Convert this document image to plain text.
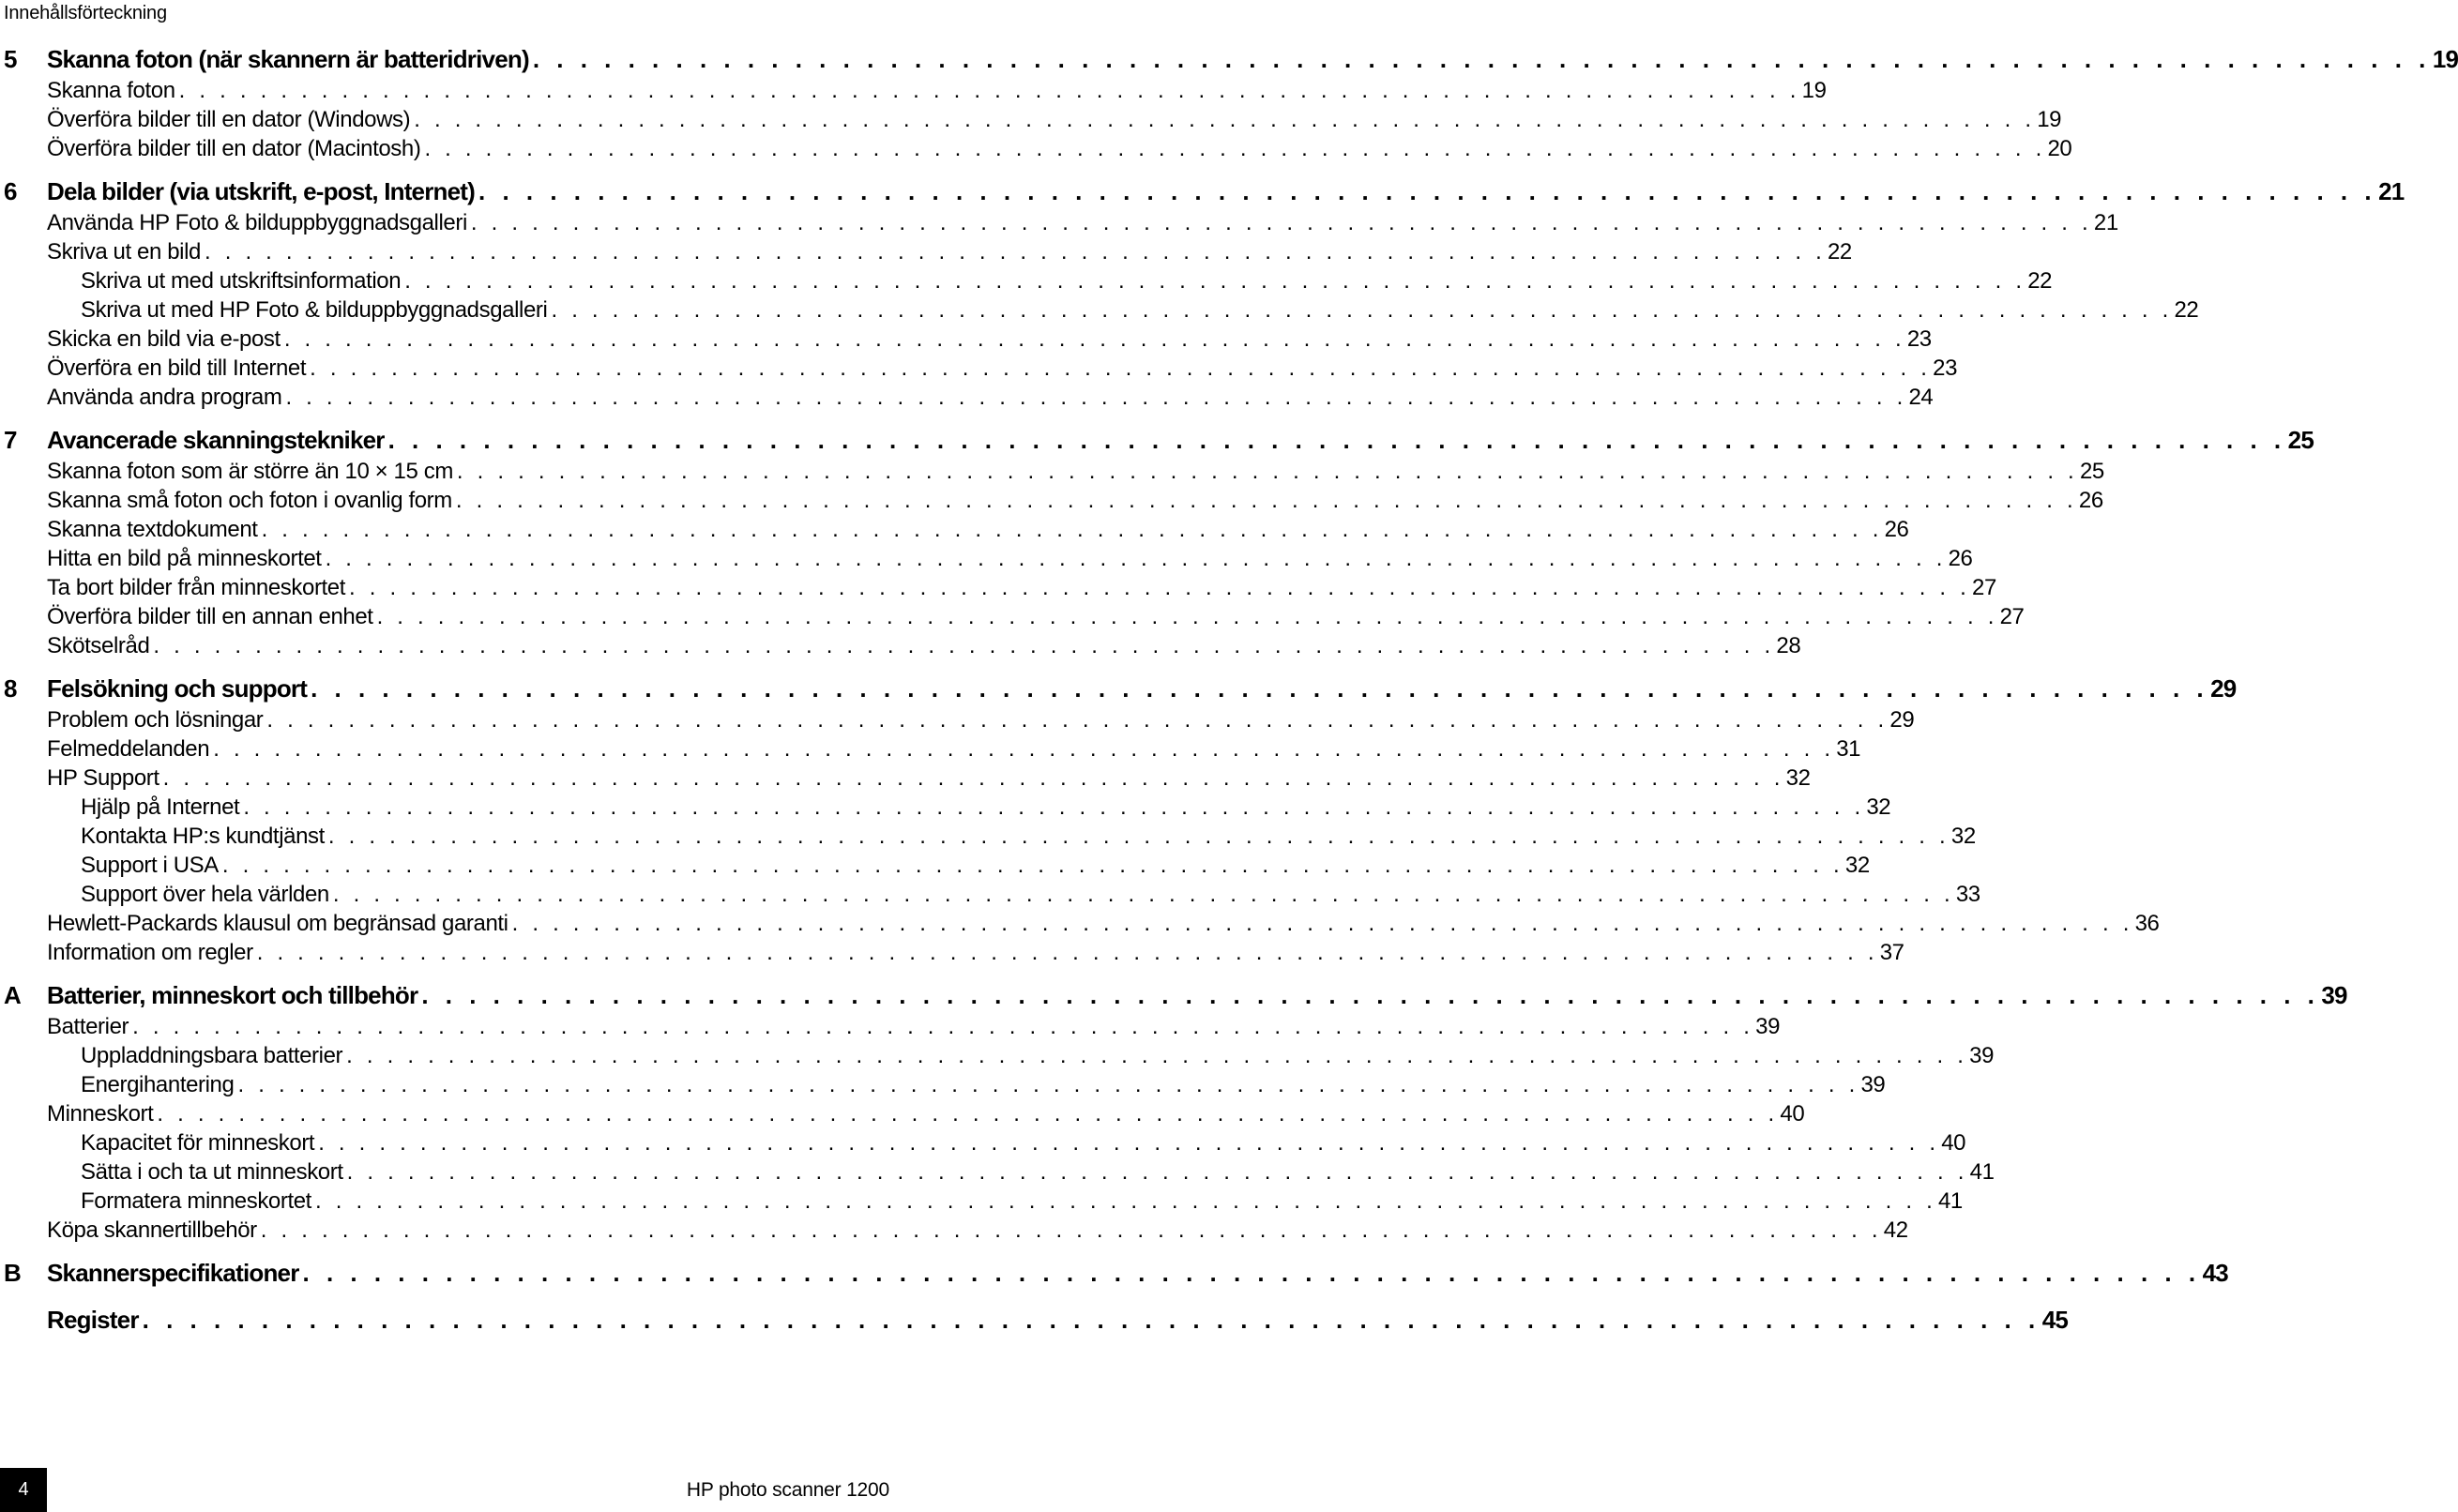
Innehållsförteckning
5	Skanna foton (när skannern är batteridriven) . . . . . . . . . . . . . . . . . . . . . . . . . . . . . . . . . . . . . . . . . . . . . . . . . . . . . . . . . . . . . . . . . . . . . . . . . . . . . . . . 19
Skanna foton . . . . . . . . . . . . . . . . . . . . . . . . . . . . . . . . . . . . . . . . . . . . . . . . . . . . . . . . . . . . . . . . . . . . . . . . . . . . . . . . 19
Överföra bilder till en dator (Windows) . . . . . . . . . . . . . . . . . . . . . . . . . . . . . . . . . . . . . . . . . . . . . . . . . . . . . . . . . . . . . . . . . . . . . . . . . . . . . . . . 19
Överföra bilder till en dator (Macintosh) . . . . . . . . . . . . . . . . . . . . . . . . . . . . . . . . . . . . . . . . . . . . . . . . . . . . . . . . . . . . . . . . . . . . . . . . . . . . . . . . 20
6	Dela bilder (via utskrift, e-post, Internet) . . . . . . . . . . . . . . . . . . . . . . . . . . . . . . . . . . . . . . . . . . . . . . . . . . . . . . . . . . . . . . . . . . . . . . . . . . . . . . . . 21
Använda HP Foto & bilduppbyggnadsgalleri . . . . . . . . . . . . . . . . . . . . . . . . . . . . . . . . . . . . . . . . . . . . . . . . . . . . . . . . . . . . . . . . . . . . . . . . . . . . . . . . 21
Skriva ut en bild . . . . . . . . . . . . . . . . . . . . . . . . . . . . . . . . . . . . . . . . . . . . . . . . . . . . . . . . . . . . . . . . . . . . . . . . . . . . . . . . 22
Skriva ut med utskriftsinformation . . . . . . . . . . . . . . . . . . . . . . . . . . . . . . . . . . . . . . . . . . . . . . . . . . . . . . . . . . . . . . . . . . . . . . . . . . . . . . . . 22
Skriva ut med HP Foto & bilduppbyggnadsgalleri . . . . . . . . . . . . . . . . . . . . . . . . . . . . . . . . . . . . . . . . . . . . . . . . . . . . . . . . . . . . . . . . . . . . . . . . . . . . . . . . 22
Skicka en bild via e-post . . . . . . . . . . . . . . . . . . . . . . . . . . . . . . . . . . . . . . . . . . . . . . . . . . . . . . . . . . . . . . . . . . . . . . . . . . . . . . . . 23
Överföra en bild till Internet . . . . . . . . . . . . . . . . . . . . . . . . . . . . . . . . . . . . . . . . . . . . . . . . . . . . . . . . . . . . . . . . . . . . . . . . . . . . . . . . 23
Använda andra program . . . . . . . . . . . . . . . . . . . . . . . . . . . . . . . . . . . . . . . . . . . . . . . . . . . . . . . . . . . . . . . . . . . . . . . . . . . . . . . . 24
7	Avancerade skanningstekniker . . . . . . . . . . . . . . . . . . . . . . . . . . . . . . . . . . . . . . . . . . . . . . . . . . . . . . . . . . . . . . . . . . . . . . . . . . . . . . . . 25
Skanna foton som är större än 10 × 15 cm . . . . . . . . . . . . . . . . . . . . . . . . . . . . . . . . . . . . . . . . . . . . . . . . . . . . . . . . . . . . . . . . . . . . . . . . . . . . . . . . 25
Skanna små foton och foton i ovanlig form . . . . . . . . . . . . . . . . . . . . . . . . . . . . . . . . . . . . . . . . . . . . . . . . . . . . . . . . . . . . . . . . . . . . . . . . . . . . . . . . 26
Skanna textdokument . . . . . . . . . . . . . . . . . . . . . . . . . . . . . . . . . . . . . . . . . . . . . . . . . . . . . . . . . . . . . . . . . . . . . . . . . . . . . . . . 26
Hitta en bild på minneskortet . . . . . . . . . . . . . . . . . . . . . . . . . . . . . . . . . . . . . . . . . . . . . . . . . . . . . . . . . . . . . . . . . . . . . . . . . . . . . . . . 26
Ta bort bilder från minneskortet . . . . . . . . . . . . . . . . . . . . . . . . . . . . . . . . . . . . . . . . . . . . . . . . . . . . . . . . . . . . . . . . . . . . . . . . . . . . . . . . 27
Överföra bilder till en annan enhet . . . . . . . . . . . . . . . . . . . . . . . . . . . . . . . . . . . . . . . . . . . . . . . . . . . . . . . . . . . . . . . . . . . . . . . . . . . . . . . . 27
Skötselråd . . . . . . . . . . . . . . . . . . . . . . . . . . . . . . . . . . . . . . . . . . . . . . . . . . . . . . . . . . . . . . . . . . . . . . . . . . . . . . . . 28
8	Felsökning och support . . . . . . . . . . . . . . . . . . . . . . . . . . . . . . . . . . . . . . . . . . . . . . . . . . . . . . . . . . . . . . . . . . . . . . . . . . . . . . . . 29
Problem och lösningar . . . . . . . . . . . . . . . . . . . . . . . . . . . . . . . . . . . . . . . . . . . . . . . . . . . . . . . . . . . . . . . . . . . . . . . . . . . . . . . . 29
Felmeddelanden . . . . . . . . . . . . . . . . . . . . . . . . . . . . . . . . . . . . . . . . . . . . . . . . . . . . . . . . . . . . . . . . . . . . . . . . . . . . . . . . 31
HP Support . . . . . . . . . . . . . . . . . . . . . . . . . . . . . . . . . . . . . . . . . . . . . . . . . . . . . . . . . . . . . . . . . . . . . . . . . . . . . . . . 32
Hjälp på Internet . . . . . . . . . . . . . . . . . . . . . . . . . . . . . . . . . . . . . . . . . . . . . . . . . . . . . . . . . . . . . . . . . . . . . . . . . . . . . . . . 32
Kontakta HP:s kundtjänst . . . . . . . . . . . . . . . . . . . . . . . . . . . . . . . . . . . . . . . . . . . . . . . . . . . . . . . . . . . . . . . . . . . . . . . . . . . . . . . . 32
Support i USA . . . . . . . . . . . . . . . . . . . . . . . . . . . . . . . . . . . . . . . . . . . . . . . . . . . . . . . . . . . . . . . . . . . . . . . . . . . . . . . . 32
Support över hela världen . . . . . . . . . . . . . . . . . . . . . . . . . . . . . . . . . . . . . . . . . . . . . . . . . . . . . . . . . . . . . . . . . . . . . . . . . . . . . . . . 33
Hewlett-Packards klausul om begränsad garanti . . . . . . . . . . . . . . . . . . . . . . . . . . . . . . . . . . . . . . . . . . . . . . . . . . . . . . . . . . . . . . . . . . . . . . . . . . . . . . . . 36
Information om regler . . . . . . . . . . . . . . . . . . . . . . . . . . . . . . . . . . . . . . . . . . . . . . . . . . . . . . . . . . . . . . . . . . . . . . . . . . . . . . . . 37
A	Batterier, minneskort och tillbehör . . . . . . . . . . . . . . . . . . . . . . . . . . . . . . . . . . . . . . . . . . . . . . . . . . . . . . . . . . . . . . . . . . . . . . . . . . . . . . . . 39
Batterier . . . . . . . . . . . . . . . . . . . . . . . . . . . . . . . . . . . . . . . . . . . . . . . . . . . . . . . . . . . . . . . . . . . . . . . . . . . . . . . . 39
Uppladdningsbara batterier . . . . . . . . . . . . . . . . . . . . . . . . . . . . . . . . . . . . . . . . . . . . . . . . . . . . . . . . . . . . . . . . . . . . . . . . . . . . . . . . 39
Energihantering . . . . . . . . . . . . . . . . . . . . . . . . . . . . . . . . . . . . . . . . . . . . . . . . . . . . . . . . . . . . . . . . . . . . . . . . . . . . . . . . 39
Minneskort . . . . . . . . . . . . . . . . . . . . . . . . . . . . . . . . . . . . . . . . . . . . . . . . . . . . . . . . . . . . . . . . . . . . . . . . . . . . . . . . 40
Kapacitet för minneskort . . . . . . . . . . . . . . . . . . . . . . . . . . . . . . . . . . . . . . . . . . . . . . . . . . . . . . . . . . . . . . . . . . . . . . . . . . . . . . . . 40
Sätta i och ta ut minneskort . . . . . . . . . . . . . . . . . . . . . . . . . . . . . . . . . . . . . . . . . . . . . . . . . . . . . . . . . . . . . . . . . . . . . . . . . . . . . . . . 41
Formatera minneskortet . . . . . . . . . . . . . . . . . . . . . . . . . . . . . . . . . . . . . . . . . . . . . . . . . . . . . . . . . . . . . . . . . . . . . . . . . . . . . . . . 41
Köpa skannertillbehör . . . . . . . . . . . . . . . . . . . . . . . . . . . . . . . . . . . . . . . . . . . . . . . . . . . . . . . . . . . . . . . . . . . . . . . . . . . . . . . . 42
B	Skannerspecifikationer . . . . . . . . . . . . . . . . . . . . . . . . . . . . . . . . . . . . . . . . . . . . . . . . . . . . . . . . . . . . . . . . . . . . . . . . . . . . . . . . 43
Register . . . . . . . . . . . . . . . . . . . . . . . . . . . . . . . . . . . . . . . . . . . . . . . . . . . . . . . . . . . . . . . . . . . . . . . . . . . . . . . . 45
4	HP photo scanner 1200
